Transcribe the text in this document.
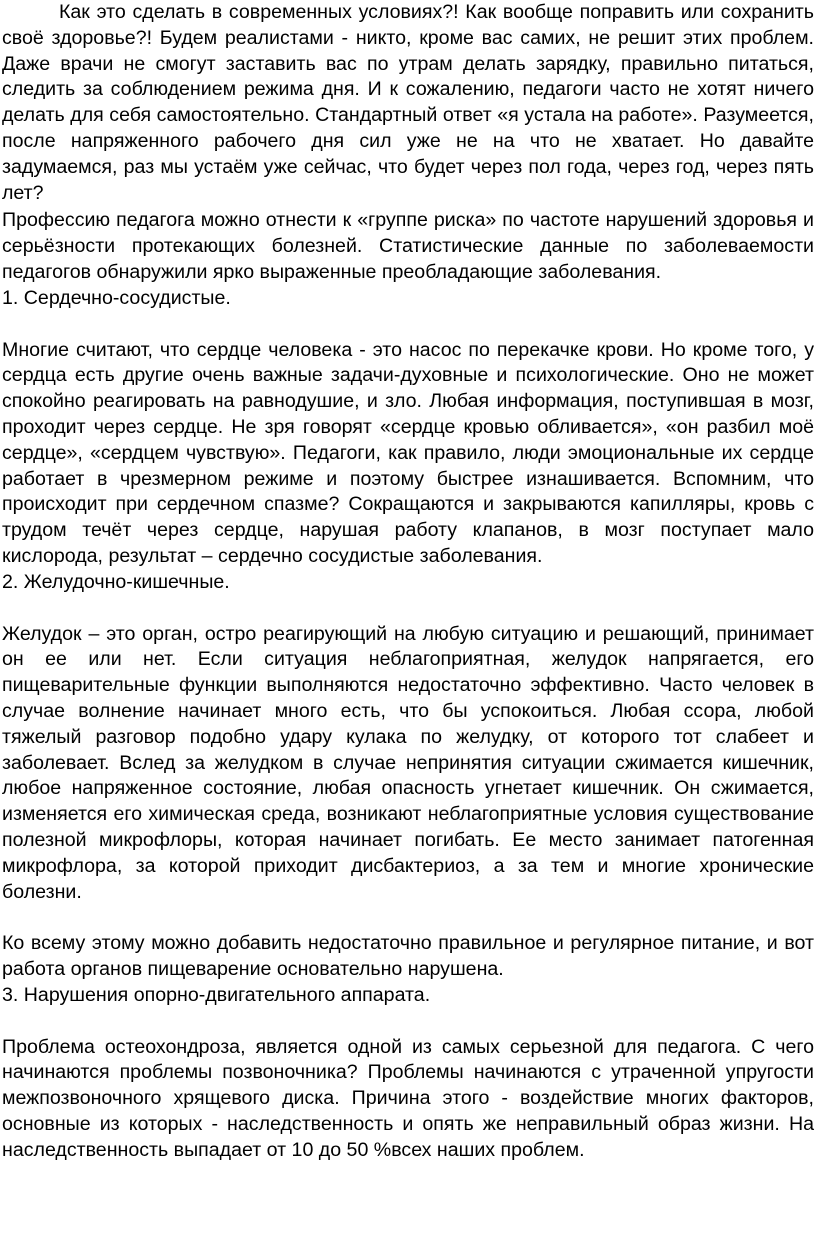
Как это сделать в современных условиях?! Как вообще поправить или сохранить своё здоровье?! Будем реалистами - никто, кроме вас самих, не решит этих проблем. Даже врачи не смогут заставить вас по утрам делать зарядку, правильно питаться, следить за соблюдением режима дня. И к сожалению, педагоги часто не хотят ничего делать для себя самостоятельно. Стандартный ответ «я устала на работе». Разумеется, после напряженного рабочего дня сил уже не на что не хватает. Но давайте задумаемся, раз мы устаём уже сейчас, что будет через пол года, через год, через пять лет?

Профессию педагога можно отнести к «группе риска» по частоте нарушений здоровья и серьёзности протекающих болезней. Статистические данные по заболеваемости педагогов обнаружили ярко выраженные преобладающие заболевания.

1. Сердечно-сосудистые.

Многие считают, что сердце человека - это насос по перекачке крови. Но кроме того, у сердца есть другие очень важные задачи-духовные и психологические. Оно не может спокойно реагировать на равнодушие, и зло. Любая информация, поступившая в мозг, проходит через сердце. Не зря говорят «сердце кровью обливается», «он разбил моё сердце», «сердцем чувствую». Педагоги, как правило, люди эмоциональные их сердце работает в чрезмерном режиме и поэтому быстрее изнашивается. Вспомним, что происходит при сердечном спазме? Сокращаются и закрываются капилляры, кровь с трудом течёт через сердце, нарушая работу клапанов, в мозг поступает мало кислорода, результат – сердечно сосудистые заболевания.

2. Желудочно-кишечные.

Желудок – это орган, остро реагирующий на любую ситуацию и решающий, принимает он ее или нет. Если ситуация неблагоприятная, желудок напрягается, его пищеварительные функции выполняются недостаточно эффективно. Часто человек в случае волнение начинает много есть, что бы успокоиться. Любая ссора, любой тяжелый разговор подобно удару кулака по желудку, от которого тот слабеет и заболевает. Вслед за желудком в случае непринятия ситуации сжимается кишечник, любое напряженное состояние, любая опасность угнетает кишечник. Он сжимается, изменяется его химическая среда, возникают неблагоприятные условия существование полезной микрофлоры, которая начинает погибать. Ее место занимает патогенная микрофлора, за которой приходит дисбактериоз, а за тем и многие хронические болезни.

Ко всему этому можно добавить недостаточно правильное и регулярное питание, и вот работа органов пищеварение основательно нарушена.

3. Нарушения опорно-двигательного аппарата.

Проблема остеохондроза, является одной из самых серьезной для педагога. С чего начинаются проблемы позвоночника? Проблемы начинаются с утраченной упругости межпозвоночного хрящевого диска. Причина этого - воздействие многих факторов, основные из которых - наследственность и опять же неправильный образ жизни. На наследственность выпадает от 10 до 50 %всех наших проблем.
